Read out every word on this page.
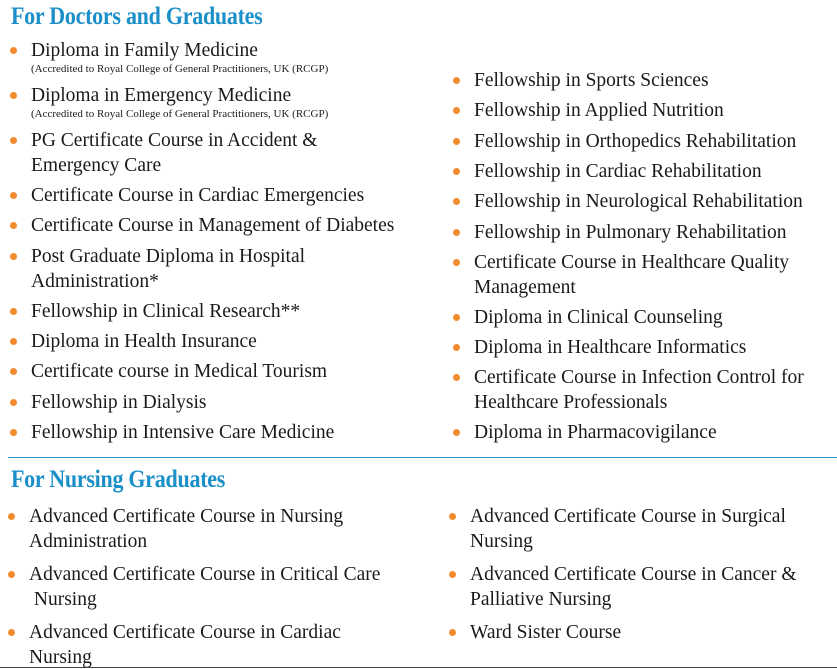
For Doctors and Graduates
Diploma in Family Medicine
(Accredited to Royal College of General Practitioners, UK (RCGP)
Diploma in Emergency Medicine
(Accredited to Royal College of General Practitioners, UK (RCGP)
PG Certificate Course in Accident &
Emergency Care
Certificate Course in Cardiac Emergencies
Certificate Course in Management of Diabetes
Post Graduate Diploma in Hospital
Administration*
Fellowship in Clinical Research**
Diploma in Health Insurance
Certificate course in Medical Tourism
Fellowship in Dialysis
Fellowship in Intensive Care Medicine
Fellowship in Sports Sciences
Fellowship in Applied Nutrition
Fellowship in Orthopedics Rehabilitation
Fellowship in Cardiac Rehabilitation
Fellowship in Neurological Rehabilitation
Fellowship in Pulmonary Rehabilitation
Certificate Course in Healthcare Quality
Management
Diploma in Clinical Counseling
Diploma in Healthcare Informatics
Certificate Course in Infection Control for
Healthcare Professionals
Diploma in Pharmacovigilance
For Nursing Graduates
Advanced Certificate Course in Nursing
Administration
Advanced Certificate Course in Critical Care
Nursing
Advanced Certificate Course in Cardiac
Nursing
Advanced Certificate Course in Surgical
Nursing
Advanced Certificate Course in Cancer &
Palliative Nursing
Ward Sister Course
